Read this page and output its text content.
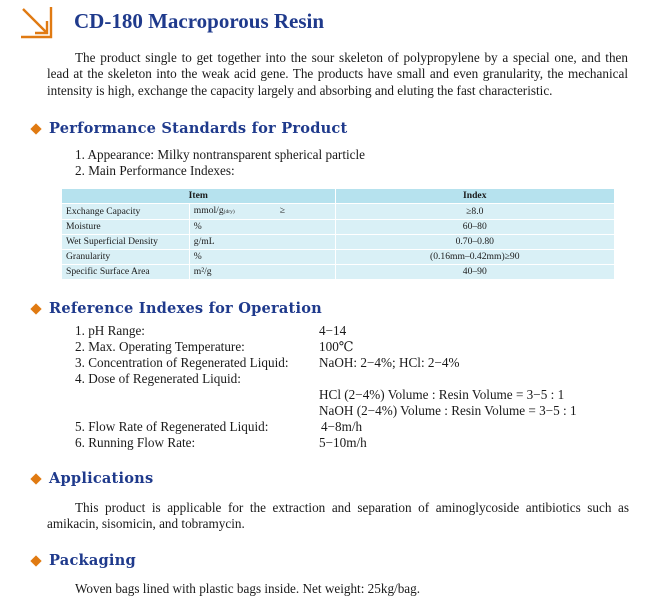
CD-180 Macroporous Resin

The product single to get together into the sour skeleton of polypropylene by a special one, and then lead at the skeleton into the weak acid gene. The products have small and even granularity, the mechanical intensity is high, exchange the capacity largely and absorbing and eluting the fast characteristic.

Performance Standards for Product

1. Appearance: Milky nontransparent spherical particle

2. Main Performance Indexes:

Item		Index
Exchange Capacity	mmol/g(dry) ≥	≥8.0
Moisture	%	60–80
Wet Superficial Density	g/mL	0.70–0.80
Granularity	%	(0.16mm–0.42mm)≥90
Specific Surface Area	m²/g	40–90
Reference Indexes for Operation

1. pH Range:	4−14

2. Max. Operating Temperature:	100℃

3. Concentration of Regenerated Liquid: NaOH: 2−4%; HCl: 2−4%

4. Dose of Regenerated Liquid:

HCl (2−4%) Volume : Resin Volume = 3−5 : 1

NaOH (2−4%) Volume : Resin Volume = 3−5 : 1

5. Flow Rate of Regenerated Liquid:	4−8m/h

6. Running Flow Rate:	5−10m/h

Applications

This product is applicable for the extraction and separation of aminoglycoside antibiotics such as amikacin, sisomicin, and tobramycin.

Packaging

Woven bags lined with plastic bags inside. Net weight: 25kg/bag.
